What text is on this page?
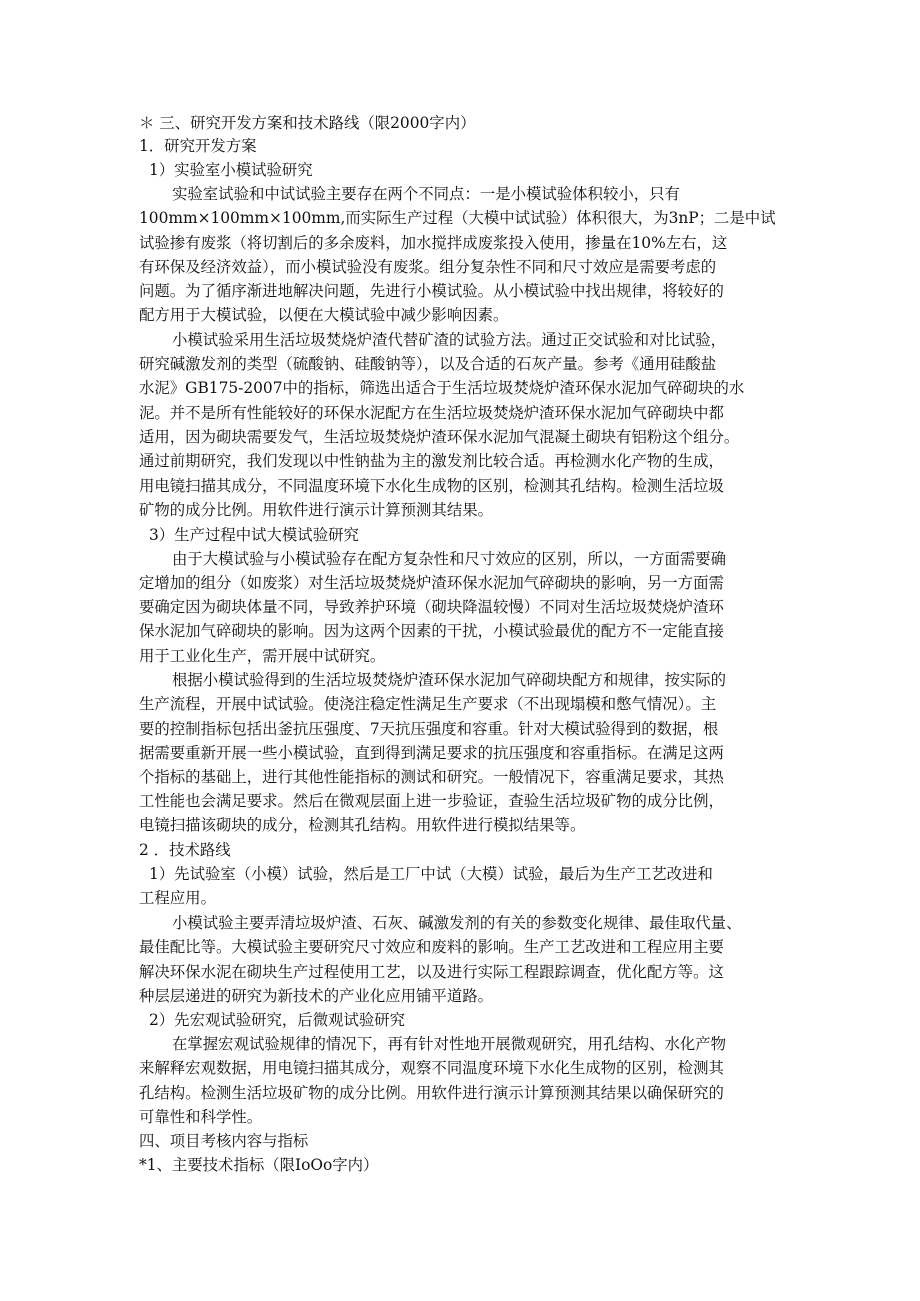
＊ 三、研究开发方案和技术路线（限2000字内）
1．研究开发方案
1）实验室小模试验研究
实验室试验和中试试验主要存在两个不同点：一是小模试验体积较小，只有
100mm×100mm×100mm,而实际生产过程（大模中试试验）体积很大，为3nP；二是中试
试验掺有废浆（将切割后的多余废料，加水搅拌成废浆投入使用，掺量在10%左右，这
有环保及经济效益），而小模试验没有废浆。组分复杂性不同和尺寸效应是需要考虑的
问题。为了循序渐进地解决问题，先进行小模试验。从小模试验中找出规律，将较好的
配方用于大模试验，以便在大模试验中减少影响因素。
小模试验采用生活垃圾焚烧炉渣代替矿渣的试验方法。通过正交试验和对比试验，
研究碱激发剂的类型（硫酸钠、硅酸钠等），以及合适的石灰产量。参考《通用硅酸盐
水泥》GB175-2007中的指标，筛选出适合于生活垃圾焚烧炉渣环保水泥加气碎砌块的水
泥。并不是所有性能较好的环保水泥配方在生活垃圾焚烧炉渣环保水泥加气碎砌块中都
适用，因为砌块需要发气，生活垃圾焚烧炉渣环保水泥加气混凝土砌块有铝粉这个组分。
通过前期研究，我们发现以中性钠盐为主的激发剂比较合适。再检测水化产物的生成，
用电镜扫描其成分，不同温度环境下水化生成物的区别，检测其孔结构。检测生活垃圾
矿物的成分比例。用软件进行演示计算预测其结果。
3）生产过程中试大模试验研究
由于大模试验与小模试验存在配方复杂性和尺寸效应的区别，所以，一方面需要确
定增加的组分（如废浆）对生活垃圾焚烧炉渣环保水泥加气碎砌块的影响，另一方面需
要确定因为砌块体量不同，导致养护环境（砌块降温较慢）不同对生活垃圾焚烧炉渣环
保水泥加气碎砌块的影响。因为这两个因素的干扰，小模试验最优的配方不一定能直接
用于工业化生产，需开展中试研究。
根据小模试验得到的生活垃圾焚烧炉渣环保水泥加气碎砌块配方和规律，按实际的
生产流程，开展中试试验。使浇注稳定性满足生产要求（不出现塌模和憋气情况）。主
要的控制指标包括出釜抗压强度、7天抗压强度和容重。针对大模试验得到的数据，根
据需要重新开展一些小模试验，直到得到满足要求的抗压强度和容重指标。在满足这两
个指标的基础上，进行其他性能指标的测试和研究。一般情况下，容重满足要求，其热
工性能也会满足要求。然后在微观层面上进一步验证，查验生活垃圾矿物的成分比例，
电镜扫描该砌块的成分，检测其孔结构。用软件进行模拟结果等。
2 ．技术路线
1）先试验室（小模）试验，然后是工厂中试（大模）试验，最后为生产工艺改进和
工程应用。
小模试验主要弄清垃圾炉渣、石灰、碱激发剂的有关的参数变化规律、最佳取代量、
最佳配比等。大模试验主要研究尺寸效应和废料的影响。生产工艺改进和工程应用主要
解决环保水泥在砌块生产过程使用工艺，以及进行实际工程跟踪调查，优化配方等。这
种层层递进的研究为新技术的产业化应用铺平道路。
2）先宏观试验研究，后微观试验研究
在掌握宏观试验规律的情况下，再有针对性地开展微观研究，用孔结构、水化产物
来解释宏观数据，用电镜扫描其成分，观察不同温度环境下水化生成物的区别，检测其
孔结构。检测生活垃圾矿物的成分比例。用软件进行演示计算预测其结果以确保研究的
可靠性和科学性。
四、项目考核内容与指标
*1、主要技术指标（限IoOo字内）
